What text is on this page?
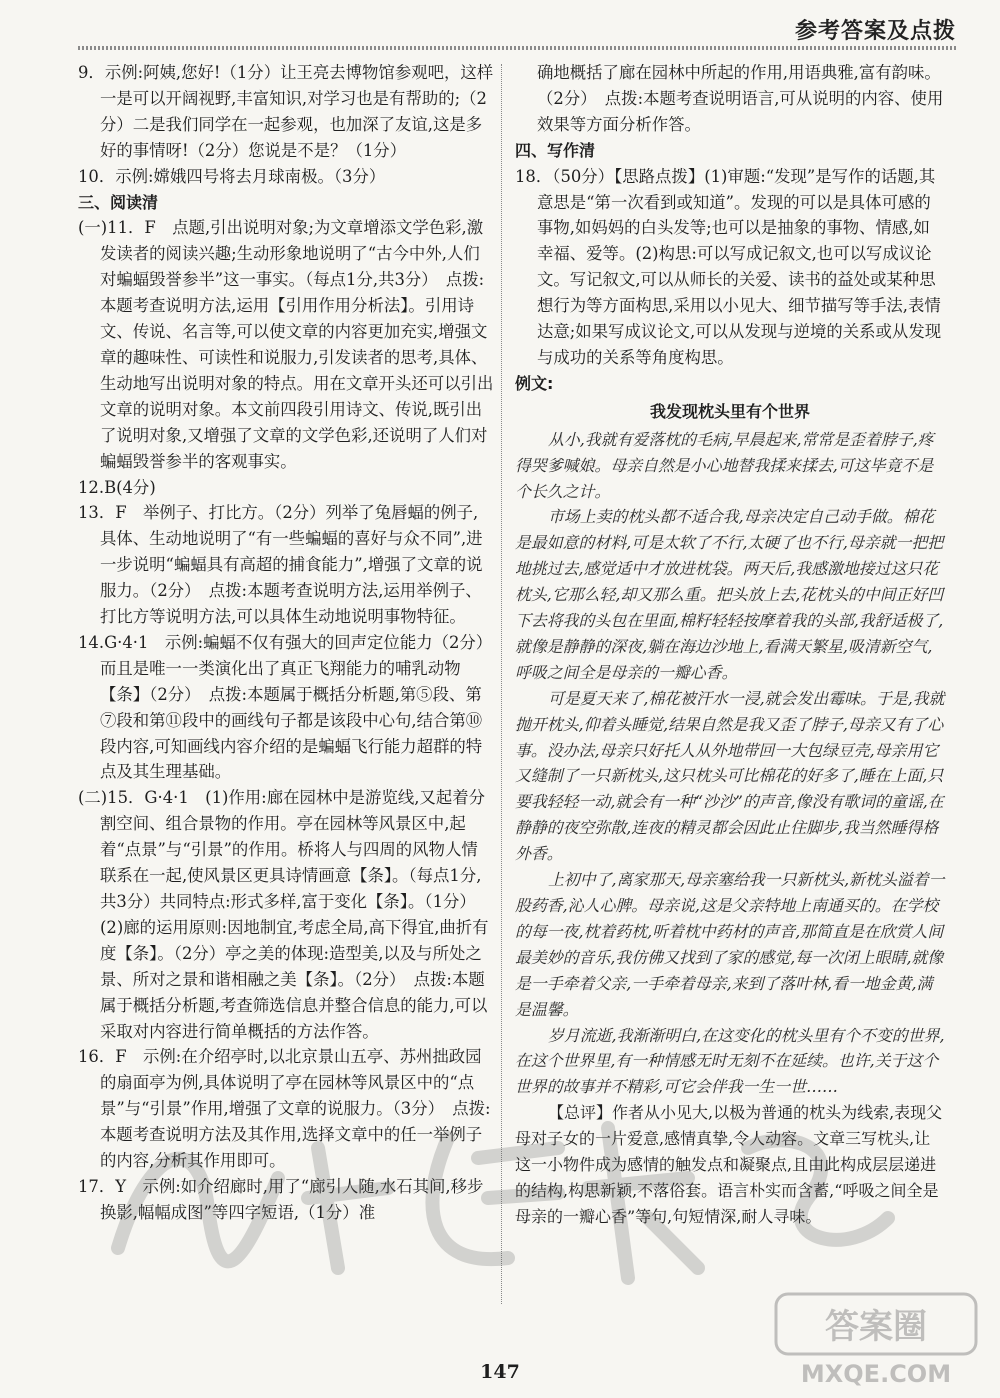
参考答案及点拨

9．示例:阿姨,您好!（1分）让王亮去博物馆参观吧，这样一是可以开阔视野,丰富知识,对学习也是有帮助的;（2分）二是我们同学在一起参观，也加深了友谊,这是多好的事情呀!（2分）您说是不是？（1分）

10．示例:嫦娥四号将去月球南极。（3分）

三、阅读清

(一)11．F　点题,引出说明对象;为文章增添文学色彩,激发读者的阅读兴趣;生动形象地说明了“古今中外,人们对蝙蝠毁誉参半”这一事实。（每点1分,共3分）　点拨:本题考查说明方法,运用【引用作用分析法】。引用诗文、传说、名言等,可以使文章的内容更加充实,增强文章的趣味性、可读性和说服力,引发读者的思考,具体、生动地写出说明对象的特点。用在文章开头还可以引出文章的说明对象。本文前四段引用诗文、传说,既引出了说明对象,又增强了文章的文学色彩,还说明了人们对蝙蝠毁誉参半的客观事实。

12.B(4分)

13．F　举例子、打比方。（2分）列举了兔唇蝠的例子,具体、生动地说明了“有一些蝙蝠的喜好与众不同”,进一步说明“蝙蝠具有高超的捕食能力”,增强了文章的说服力。（2分）　点拨:本题考查说明方法,运用举例子、打比方等说明方法,可以具体生动地说明事物特征。

14.G·4·1　示例:蝙蝠不仅有强大的回声定位能力（2分）　而且是唯一一类演化出了真正飞翔能力的哺乳动物【条】（2分）　点拨:本题属于概括分析题,第⑤段、第⑦段和第⑪段中的画线句子都是该段中心句,结合第⑩段内容,可知画线内容介绍的是蝙蝠飞行能力超群的特点及其生理基础。

(二)15．G·4·1　(1)作用:廊在园林中是游览线,又起着分割空间、组合景物的作用。亭在园林等风景区中,起着“点景”与“引景”的作用。桥将人与四周的风物人情联系在一起,使风景区更具诗情画意【条】。（每点1分,共3分）共同特点:形式多样,富于变化【条】。（1分）

(2)廊的运用原则:因地制宜,考虑全局,高下得宜,曲折有度【条】。（2分）亭之美的体现:造型美,以及与所处之景、所对之景和谐相融之美【条】。（2分）　点拨:本题属于概括分析题,考查筛选信息并整合信息的能力,可以采取对内容进行简单概括的方法作答。

16．F　示例:在介绍亭时,以北京景山五亭、苏州拙政园的扇面亭为例,具体说明了亭在园林等风景区中的“点景”与“引景”作用,增强了文章的说服力。（3分）　点拨:本题考查说明方法及其作用,选择文章中的任一举例子的内容,分析其作用即可。

17．Y　示例:如介绍廊时,用了“廊引人随,水石其间,移步换影,幅幅成图”等四字短语,（1分）准

确地概括了廊在园林中所起的作用,用语典雅,富有韵味。（2分）　点拨:本题考查说明语言,可从说明的内容、使用效果等方面分析作答。

四、写作清

18．（50分）【思路点拨】(1)审题:“发现”是写作的话题,其意思是“第一次看到或知道”。发现的可以是具体可感的事物,如妈妈的白头发等;也可以是抽象的事物、情感,如幸福、爱等。(2)构思:可以写成记叙文,也可以写成议论文。写记叙文,可以从师长的关爱、读书的益处或某种思想行为等方面构思,采用以小见大、细节描写等手法,表情达意;如果写成议论文,可以从发现与逆境的关系或从发现与成功的关系等角度构思。

例文:

我发现枕头里有个世界

从小,我就有爱落枕的毛病,早晨起来,常常是歪着脖子,疼得哭爹喊娘。母亲自然是小心地替我揉来揉去,可这毕竟不是个长久之计。

市场上卖的枕头都不适合我,母亲决定自己动手做。棉花是最如意的材料,可是太软了不行,太硬了也不行,母亲就一把把地挑过去,感觉适中才放进枕袋。两天后,我感激地接过这只花枕头,它那么轻,却又那么重。把头放上去,花枕头的中间正好凹下去将我的头包在里面,棉籽轻轻按摩着我的头部,我舒适极了,就像是静静的深夜,躺在海边沙地上,看满天繁星,吸清新空气,呼吸之间全是母亲的一瓣心香。

可是夏天来了,棉花被汗水一浸,就会发出霉味。于是,我就抛开枕头,仰着头睡觉,结果自然是我又歪了脖子,母亲又有了心事。没办法,母亲只好托人从外地带回一大包绿豆壳,母亲用它又缝制了一只新枕头,这只枕头可比棉花的好多了,睡在上面,只要我轻轻一动,就会有一种“沙沙”的声音,像没有歌词的童谣,在静静的夜空弥散,连夜的精灵都会因此止住脚步,我当然睡得格外香。

上初中了,离家那天,母亲塞给我一只新枕头,新枕头溢着一股药香,沁人心脾。母亲说,这是父亲特地上南通买的。在学校的每一夜,枕着药枕,听着枕中药材的声音,那简直是在欣赏人间最美妙的音乐,我仿佛又找到了家的感觉,每一次闭上眼睛,就像是一手牵着父亲,一手牵着母亲,来到了落叶林,看一地金黄,满是温馨。

岁月流逝,我渐渐明白,在这变化的枕头里有个不变的世界,在这个世界里,有一种情感无时无刻不在延续。也许,关于这个世界的故事并不精彩,可它会伴我一生一世……

【总评】作者从小见大,以极为普通的枕头为线索,表现父母对子女的一片爱意,感情真挚,令人动容。文章三写枕头,让这一小物件成为感情的触发点和凝聚点,且由此构成层层递进的结构,构思新颖,不落俗套。语言朴实而含蓄,“呼吸之间全是母亲的一瓣心香”等句,句短情深,耐人寻味。

147
答案圈
MXQE.COM
